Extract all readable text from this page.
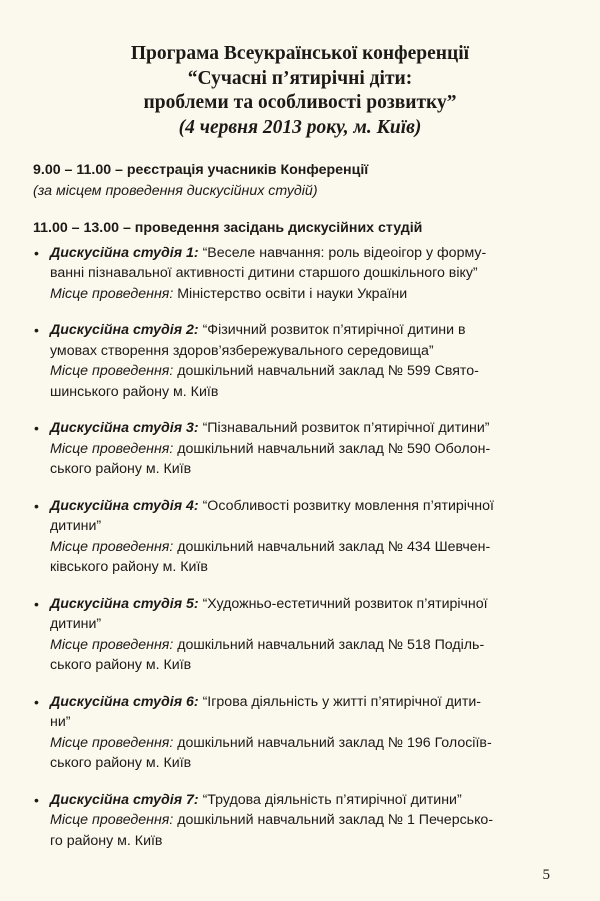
Програма Всеукраїнської конференції
“Сучасні п’ятирічні діти:
проблеми та особливості розвитку”
(4 червня 2013 року, м. Київ)
9.00 – 11.00 – реєстрація учасників Конференції
(за місцем проведення дискусійних студій)
11.00 – 13.00 – проведення засідань дискусійних студій
• Дискусійна студія 1: “Веселе навчання: роль відеоігор у форму-
ванні пізнавальної активності дитини старшого дошкільного віку”
Місце проведення: Міністерство освіти і науки України
• Дискусійна студія 2: “Фізичний розвиток п’ятирічної дитини в
умовах створення здоров’язбережувального середовища”
Місце проведення: дошкільний навчальний заклад № 599 Свято-
шинського району м. Київ
• Дискусійна студія 3: “Пізнавальний розвиток п’ятирічної дитини”
Місце проведення: дошкільний навчальний заклад № 590 Оболон-
ського району м. Київ
• Дискусійна студія 4: “Особливості розвитку мовлення п’ятирічної
дитини”
Місце проведення: дошкільний навчальний заклад № 434 Шевчен-
ківського району м. Київ
• Дискусійна студія 5: “Художньо-естетичний розвиток п’ятирічної
дитини”
Місце проведення: дошкільний навчальний заклад № 518 Поділь-
ського району м. Київ
• Дискусійна студія 6: “Ігрова діяльність у житті п’ятирічної дити-
ни”
Місце проведення: дошкільний навчальний заклад № 196 Голосіїв-
ського району м. Київ
• Дискусійна студія 7: “Трудова діяльність п’ятирічної дитини”
Місце проведення: дошкільний навчальний заклад № 1 Печерсько-
го району м. Київ
5
